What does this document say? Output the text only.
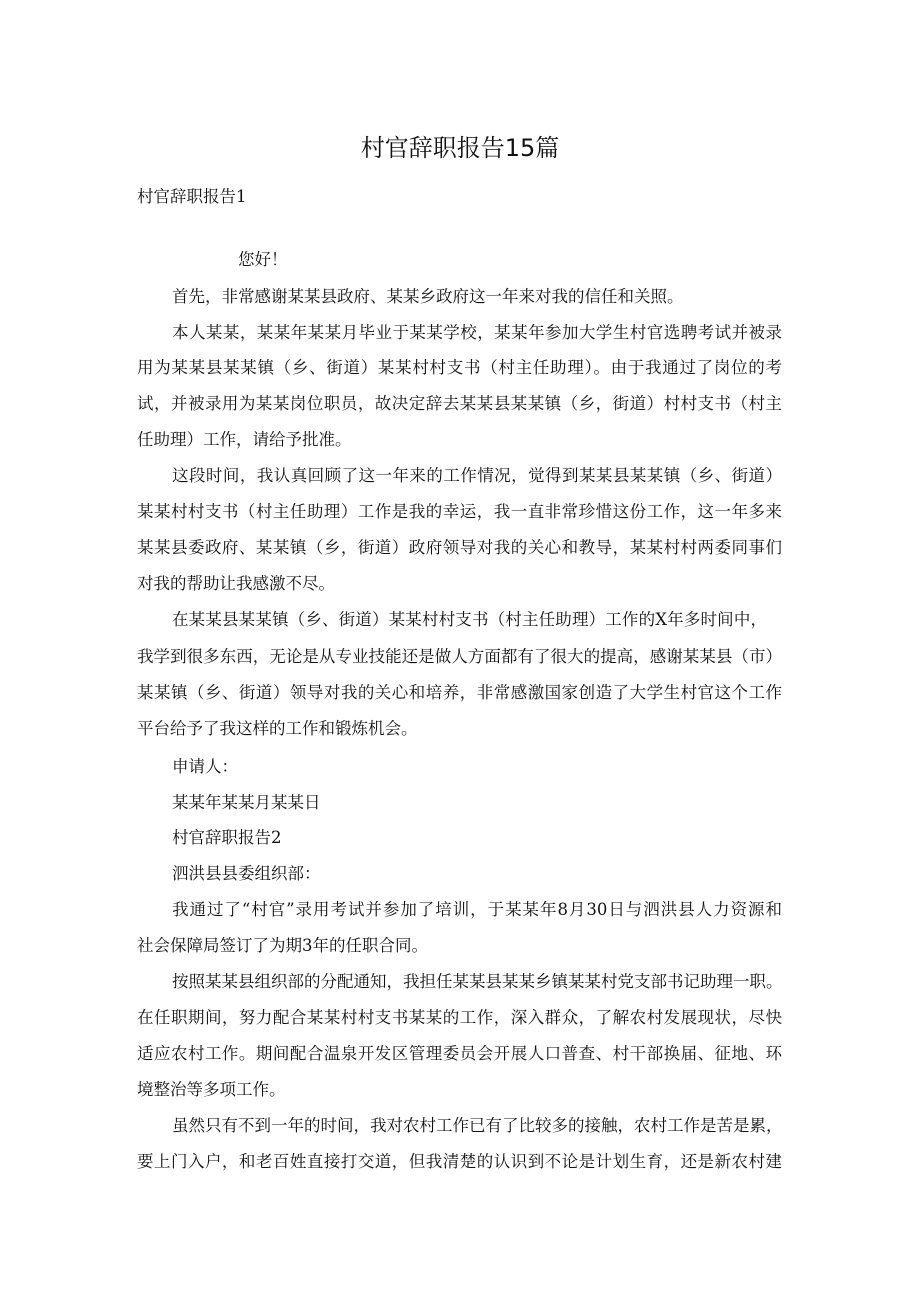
村官辞职报告15篇

村官辞职报告1

您好！

首先，非常感谢某某县政府、某某乡政府这一年来对我的信任和关照。

本人某某，某某年某某月毕业于某某学校，某某年参加大学生村官选聘考试并被录

用为某某县某某镇（乡、街道）某某村村支书（村主任助理）。由于我通过了岗位的考

试，并被录用为某某岗位职员，故决定辞去某某县某某镇（乡，街道）村村支书（村主

任助理）工作，请给予批准。

这段时间，我认真回顾了这一年来的工作情况，觉得到某某县某某镇（乡、街道）

某某村村支书（村主任助理）工作是我的幸运，我一直非常珍惜这份工作，这一年多来

某某县委政府、某某镇（乡，街道）政府领导对我的关心和教导，某某村村两委同事们

对我的帮助让我感激不尽。

在某某县某某镇（乡、街道）某某村村支书（村主任助理）工作的X年多时间中，

我学到很多东西，无论是从专业技能还是做人方面都有了很大的提高，感谢某某县（市）

某某镇（乡、街道）领导对我的关心和培养，非常感激国家创造了大学生村官这个工作

平台给予了我这样的工作和锻炼机会。

申请人：

某某年某某月某某日

村官辞职报告2

泗洪县县委组织部：

我通过了“村官”录用考试并参加了培训，于某某年8月30日与泗洪县人力资源和

社会保障局签订了为期3年的任职合同。

按照某某县组织部的分配通知，我担任某某县某某乡镇某某村党支部书记助理一职。

在任职期间，努力配合某某村村支书某某的工作，深入群众，了解农村发展现状，尽快

适应农村工作。期间配合温泉开发区管理委员会开展人口普查、村干部换届、征地、环

境整治等多项工作。

虽然只有不到一年的时间，我对农村工作已有了比较多的接触，农村工作是苦是累，

要上门入户，和老百姓直接打交道，但我清楚的认识到不论是计划生育，还是新农村建
